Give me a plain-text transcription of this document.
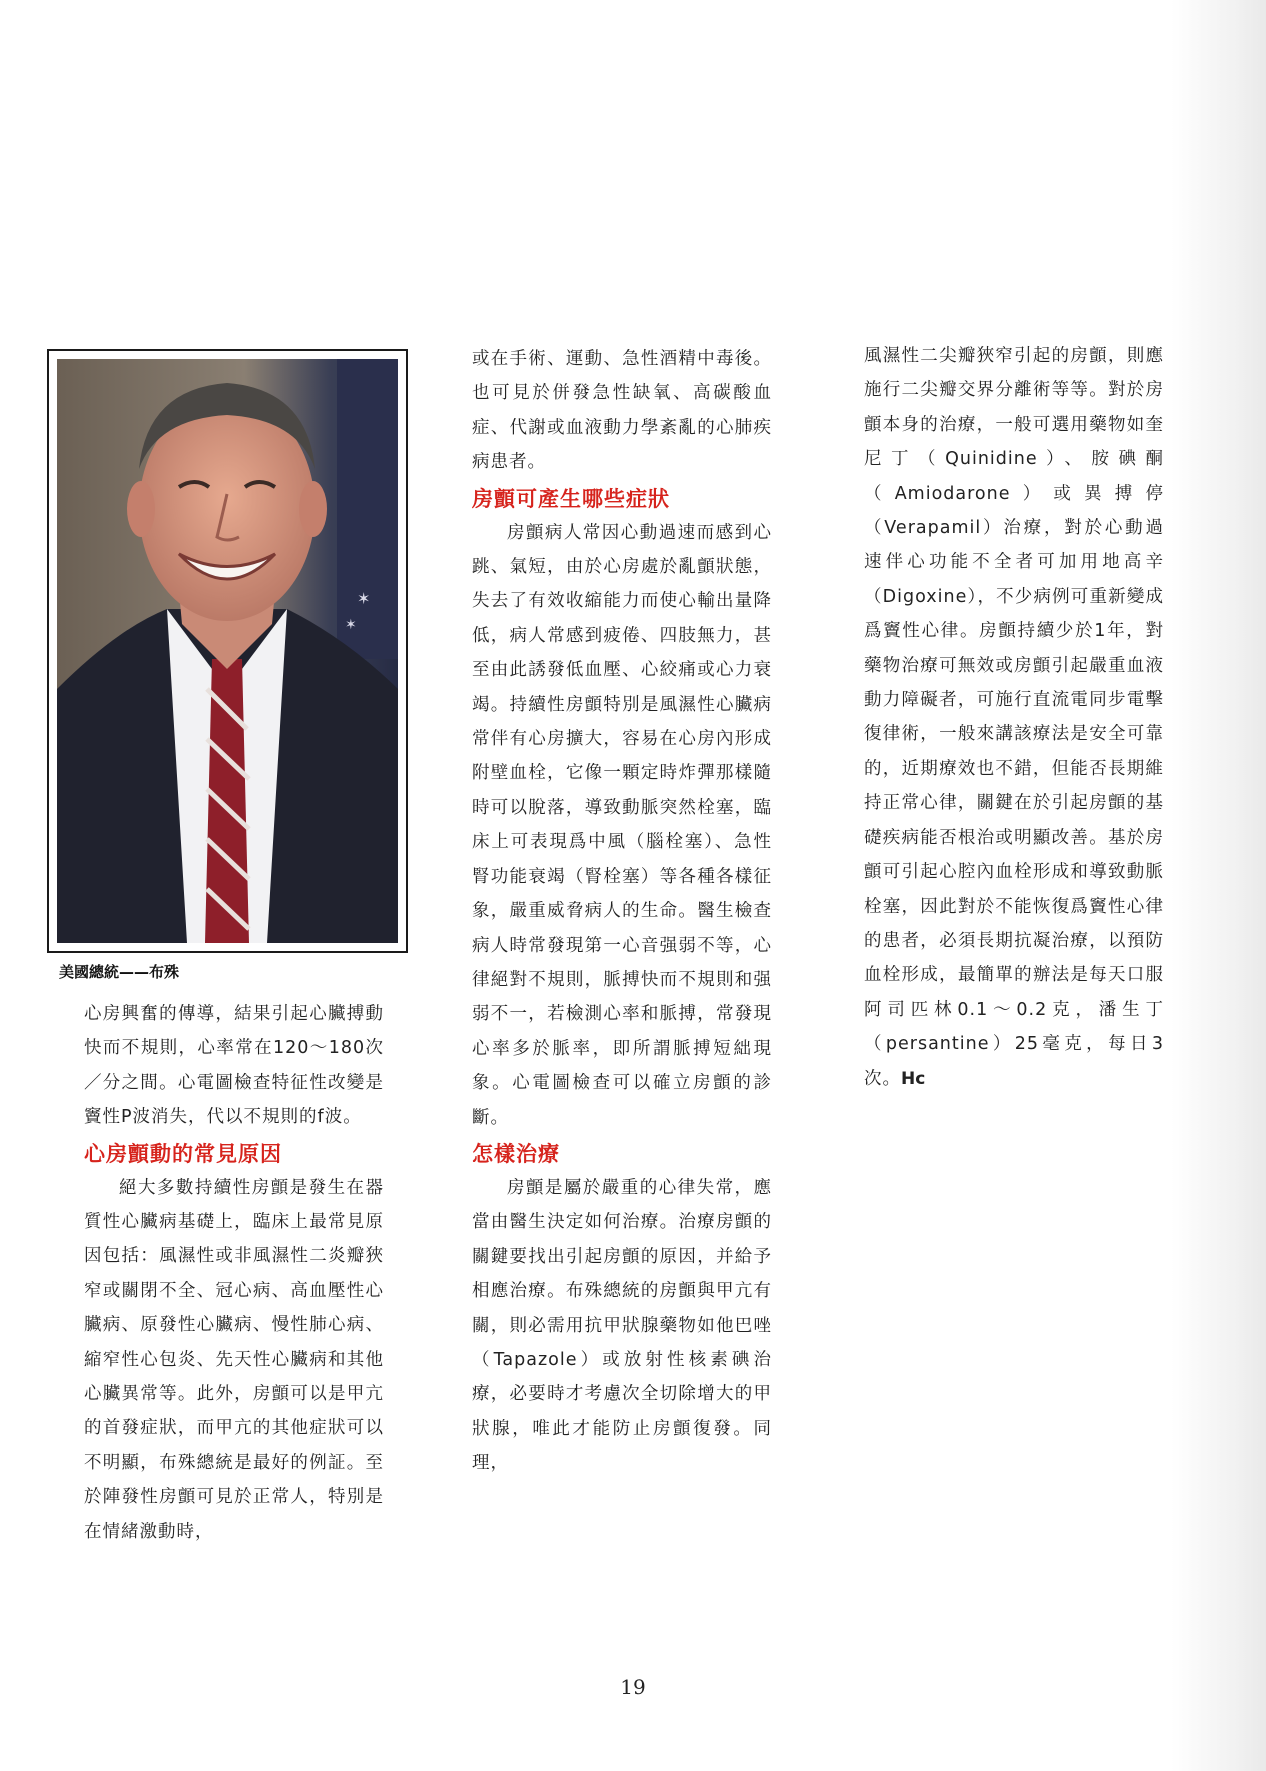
✶
✶
美國總統——布殊

心房興奮的傳導，結果引起心臟搏動快而不規則，心率常在120～180次／分之間。心電圖檢查特征性改變是竇性P波消失，代以不規則的f波。

心房顫動的常見原因

絕大多數持續性房顫是發生在器質性心臟病基礎上，臨床上最常見原因包括：風濕性或非風濕性二炎瓣狹窄或關閉不全、冠心病、高血壓性心臟病、原發性心臟病、慢性肺心病、縮窄性心包炎、先天性心臟病和其他心臟異常等。此外，房顫可以是甲亢的首發症狀，而甲亢的其他症狀可以不明顯，布殊總統是最好的例証。至於陣發性房顫可見於正常人，特別是在情緒激動時，

或在手術、運動、急性酒精中毒後。也可見於併發急性缺氧、高碳酸血症、代謝或血液動力學紊亂的心肺疾病患者。

房顫可產生哪些症狀

房顫病人常因心動過速而感到心跳、氣短，由於心房處於亂顫狀態，失去了有效收縮能力而使心輸出量降低，病人常感到疲倦、四肢無力，甚至由此誘發低血壓、心絞痛或心力衰竭。持續性房顫特別是風濕性心臟病常伴有心房擴大，容易在心房內形成附壁血栓，它像一顆定時炸彈那樣隨時可以脫落，導致動脈突然栓塞，臨床上可表現爲中風（腦栓塞）、急性腎功能衰竭（腎栓塞）等各種各樣征象，嚴重威脅病人的生命。醫生檢查病人時常發現第一心音强弱不等，心律絕對不規則，脈搏快而不規則和强弱不一，若檢測心率和脈搏，常發現心率多於脈率，即所謂脈搏短絀現象。心電圖檢查可以確立房顫的診斷。

怎樣治療

房顫是屬於嚴重的心律失常，應當由醫生決定如何治療。治療房顫的關鍵要找出引起房顫的原因，并給予相應治療。布殊總統的房顫與甲亢有關，則必需用抗甲狀腺藥物如他巴唑（Tapazole）或放射性核素碘治療，必要時才考慮次全切除增大的甲狀腺，唯此才能防止房顫復發。同理，

風濕性二尖瓣狹窄引起的房顫，則應施行二尖瓣交界分離術等等。對於房顫本身的治療，一般可選用藥物如奎尼丁（Quinidine）、胺碘酮（Amiodarone）或異搏停（Verapamil）治療，對於心動過速伴心功能不全者可加用地高辛（Digoxine），不少病例可重新變成爲竇性心律。房顫持續少於1年，對藥物治療可無效或房顫引起嚴重血液動力障礙者，可施行直流電同步電擊復律術，一般來講該療法是安全可靠的，近期療效也不錯，但能否長期維持正常心律，關鍵在於引起房顫的基礎疾病能否根治或明顯改善。基於房顫可引起心腔內血栓形成和導致動脈栓塞，因此對於不能恢復爲竇性心律的患者，必須長期抗凝治療，以預防血栓形成，最簡單的辦法是每天口服阿司匹林0.1～0.2克，潘生丁（persantine）25毫克，每日3次。Hc

19
